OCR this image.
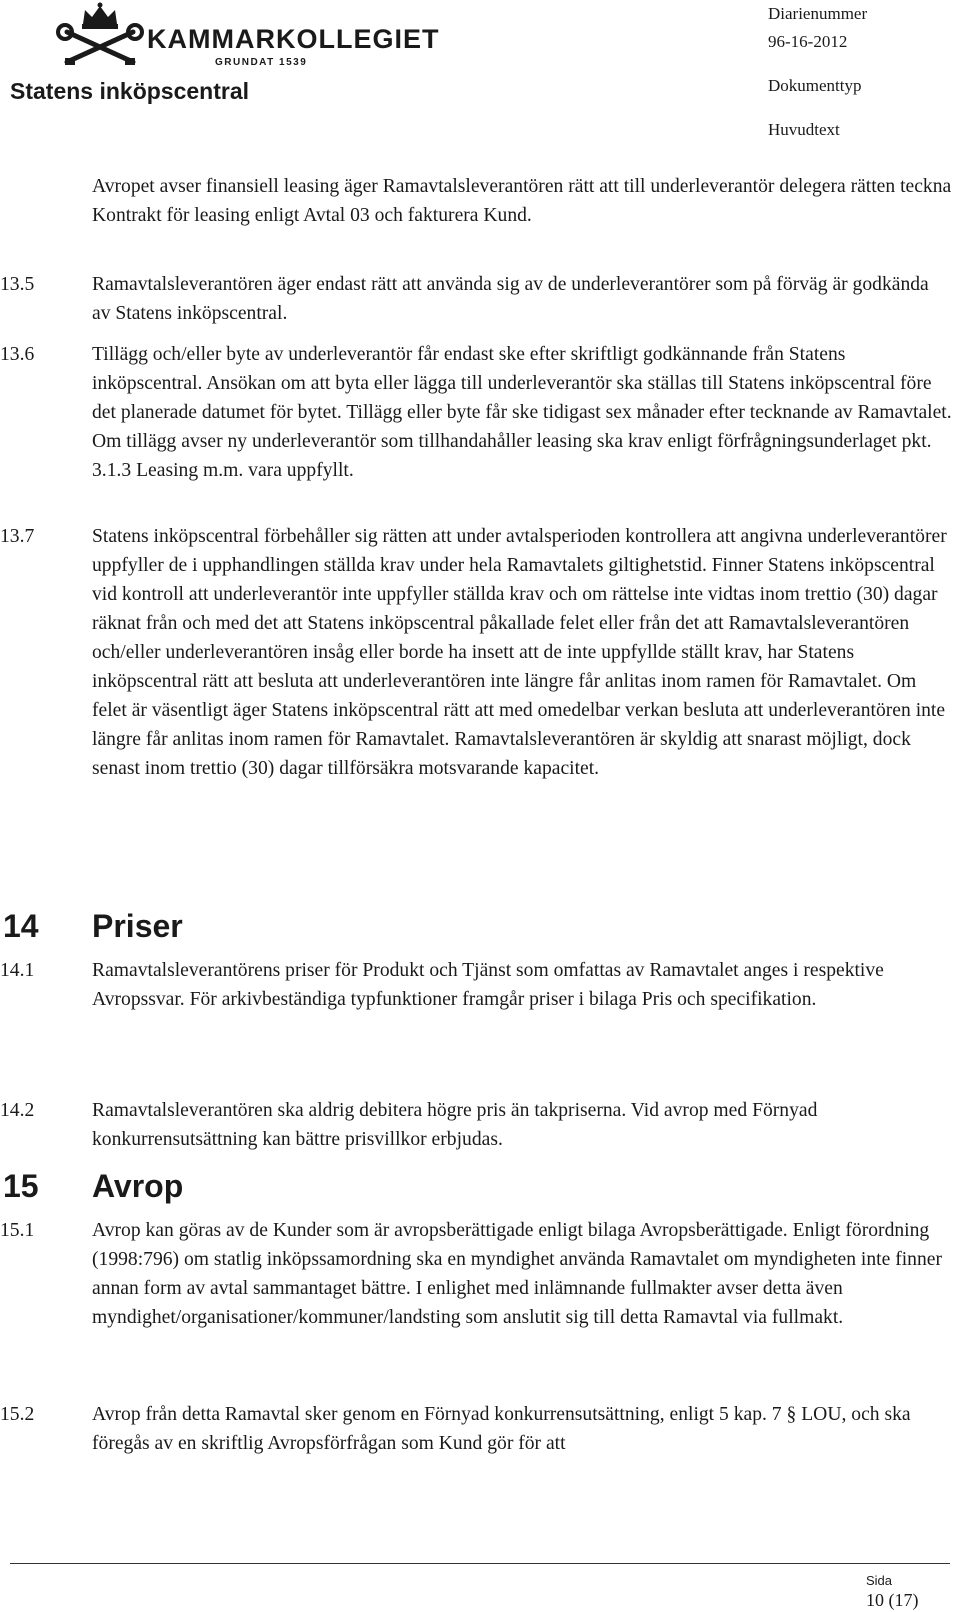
KAMMARKOLLEGIET
GRUNDAT 1539
Statens inköpscentral
Diarienummer
96-16-2012
Dokumenttyp
Huvudtext
Avropet avser finansiell leasing äger Ramavtalsleverantören rätt att till underleverantör delegera rätten teckna Kontrakt för leasing enligt Avtal 03 och fakturera Kund.
13.5	Ramavtalsleverantören äger endast rätt att använda sig av de underleverantörer som på förväg är godkända av Statens inköpscentral.
13.6	Tillägg och/eller byte av underleverantör får endast ske efter skriftligt godkännande från Statens inköpscentral. Ansökan om att byta eller lägga till underleverantör ska ställas till Statens inköpscentral före det planerade datumet för bytet. Tillägg eller byte får ske tidigast sex månader efter tecknande av Ramavtalet. Om tillägg avser ny underleverantör som tillhandahåller leasing ska krav enligt förfrågningsunderlaget pkt. 3.1.3 Leasing m.m. vara uppfyllt.
13.7	Statens inköpscentral förbehåller sig rätten att under avtalsperioden kontrollera att angivna underleverantörer uppfyller de i upphandlingen ställda krav under hela Ramavtalets giltighetstid. Finner Statens inköpscentral vid kontroll att underleverantör inte uppfyller ställda krav och om rättelse inte vidtas inom trettio (30) dagar räknat från och med det att Statens inköpscentral påkallade felet eller från det att Ramavtalsleverantören och/eller underleverantören insåg eller borde ha insett att de inte uppfyllde ställt krav, har Statens inköpscentral rätt att besluta att underleverantören inte längre får anlitas inom ramen för Ramavtalet. Om felet är väsentligt äger Statens inköpscentral rätt att med omedelbar verkan besluta att underleverantören inte längre får anlitas inom ramen för Ramavtalet. Ramavtalsleverantören är skyldig att snarast möjligt, dock senast inom trettio (30) dagar tillförsäkra motsvarande kapacitet.
14 Priser
14.1	Ramavtalsleverantörens priser för Produkt och Tjänst som omfattas av Ramavtalet anges i respektive Avropssvar. För arkivbeständiga typfunktioner framgår priser i bilaga Pris och specifikation.
14.2	Ramavtalsleverantören ska aldrig debitera högre pris än takpriserna. Vid avrop med Förnyad konkurrensutsättning kan bättre prisvillkor erbjudas.
15 Avrop
15.1	Avrop kan göras av de Kunder som är avropsberättigade enligt bilaga Avropsberättigade. Enligt förordning (1998:796) om statlig inköpssamordning ska en myndighet använda Ramavtalet om myndigheten inte finner annan form av avtal sammantaget bättre. I enlighet med inlämnande fullmakter avser detta även myndighet/organisationer/kommuner/landsting som anslutit sig till detta Ramavtal via fullmakt.
15.2	Avrop från detta Ramavtal sker genom en Förnyad konkurrensutsättning, enligt 5 kap. 7 § LOU, och ska föregås av en skriftlig Avropsförfrågan som Kund gör för att
Sida
10 (17)
